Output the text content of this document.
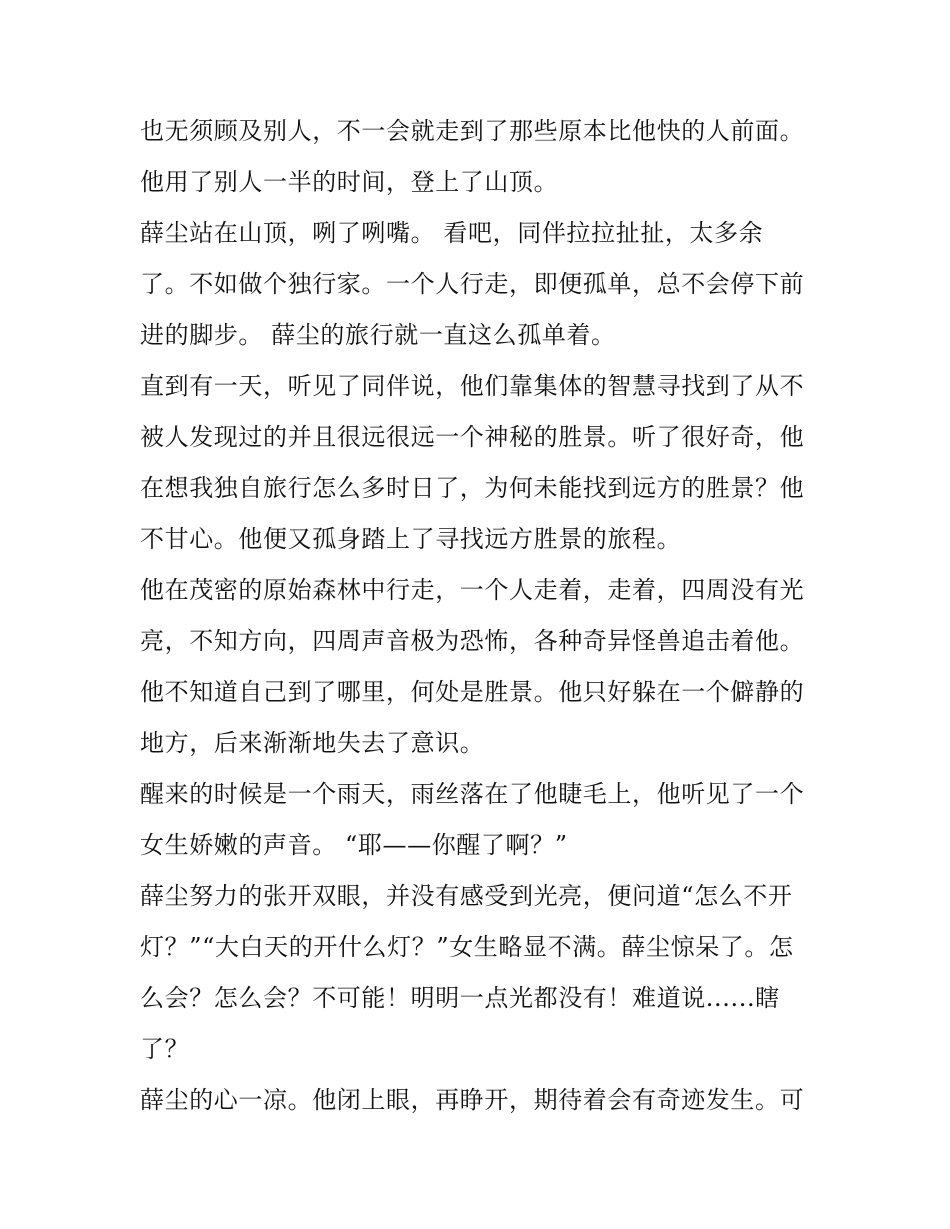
也无须顾及别人，不一会就走到了那些原本比他快的人前面。
他用了别人一半的时间，登上了山顶。
薛尘站在山顶，咧了咧嘴。 看吧，同伴拉拉扯扯，太多余
了。不如做个独行家。一个人行走，即便孤单，总不会停下前
进的脚步。 薛尘的旅行就一直这么孤单着。
直到有一天，听见了同伴说，他们靠集体的智慧寻找到了从不
被人发现过的并且很远很远一个神秘的胜景。听了很好奇，他
在想我独自旅行怎么多时日了，为何未能找到远方的胜景？他
不甘心。他便又孤身踏上了寻找远方胜景的旅程。
他在茂密的原始森林中行走，一个人走着，走着，四周没有光
亮，不知方向，四周声音极为恐怖，各种奇异怪兽追击着他。
他不知道自己到了哪里，何处是胜景。他只好躲在一个僻静的
地方，后来渐渐地失去了意识。
醒来的时候是一个雨天，雨丝落在了他睫毛上，他听见了一个
女生娇嫩的声音。 “耶——你醒了啊？”
薛尘努力的张开双眼，并没有感受到光亮，便问道“怎么不开
灯？”“大白天的开什么灯？”女生略显不满。薛尘惊呆了。怎
么会？怎么会？不可能！明明一点光都没有！难道说......瞎
了？
薛尘的心一凉。他闭上眼，再睁开，期待着会有奇迹发生。可
